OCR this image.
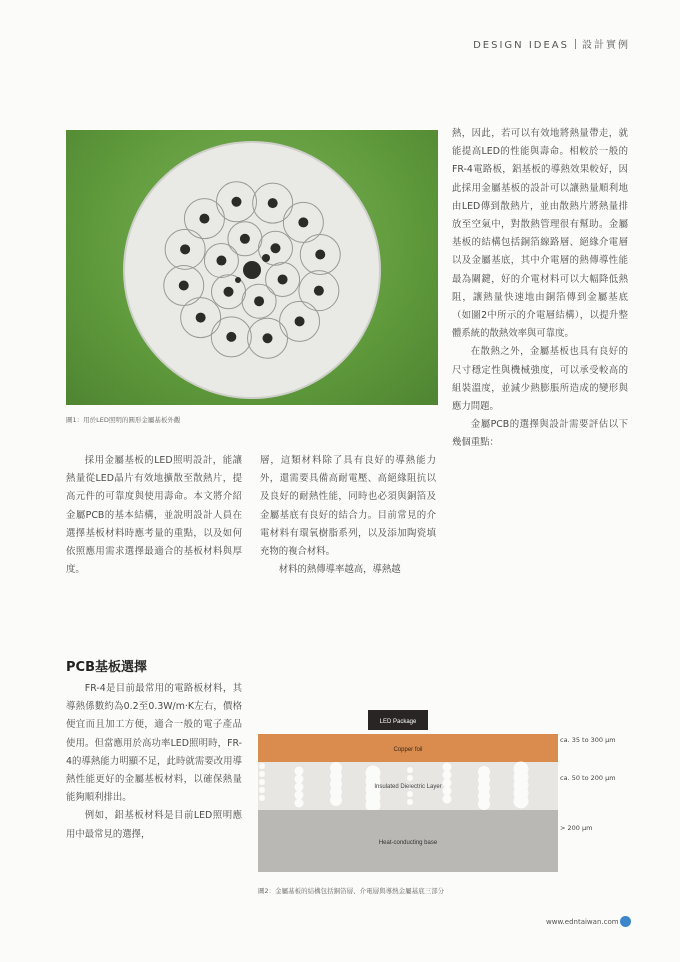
DESIGN IDEAS 設計實例
圖1：用於LED照明的圓形金屬基板外觀

熱，因此，若可以有效地將熱量帶走，就能提高LED的性能與壽命。相較於一般的FR-4電路板，鋁基板的導熱效果較好，因此採用金屬基板的設計可以讓熱量順利地由LED傳到散熱片，並由散熱片將熱量排放至空氣中，對散熱管理很有幫助。金屬基板的結構包括銅箔線路層、絕緣介電層以及金屬基底，其中介電層的熱傳導性能最為關鍵，好的介電材料可以大幅降低熱阻，讓熱量快速地由銅箔傳到金屬基底（如圖2中所示的介電層結構），以提升整體系統的散熱效率與可靠度。

在散熱之外，金屬基板也具有良好的尺寸穩定性與機械強度，可以承受較高的組裝溫度，並減少熱膨脹所造成的變形與應力問題。

金屬PCB的選擇與設計需要評估以下幾個重點：

採用金屬基板的LED照明設計，能讓熱量從LED晶片有效地擴散至散熱片，提高元件的可靠度與使用壽命。本文將介紹金屬PCB的基本結構，並說明設計人員在選擇基板材料時應考量的重點，以及如何依照應用需求選擇最適合的基板材料與厚度。

層，這類材料除了具有良好的導熱能力外，還需要具備高耐電壓、高絕緣阻抗以及良好的耐熱性能，同時也必須與銅箔及金屬基底有良好的結合力。目前常見的介電材料有環氧樹脂系列，以及添加陶瓷填充物的複合材料。

材料的熱傳導率越高，導熱越

PCB基板選擇

FR-4是目前最常用的電路板材料，其導熱係數約為0.2至0.3W/m·K左右，價格便宜而且加工方便，適合一般的電子產品使用。但當應用於高功率LED照明時，FR-4的導熱能力明顯不足，此時就需要改用導熱性能更好的金屬基板材料，以確保熱量能夠順利排出。

例如，鋁基板材料是目前LED照明應用中最常見的選擇，

LED Package
Copper foil
Insulated Dielectric Layer
Heat-conducting base
ca. 35 to 300 µm
ca. 50 to 200 µm
> 200 µm
圖2：金屬基板的結構包括銅箔層、介電層與導熱金屬基底三部分
www.edntaiwan.com
